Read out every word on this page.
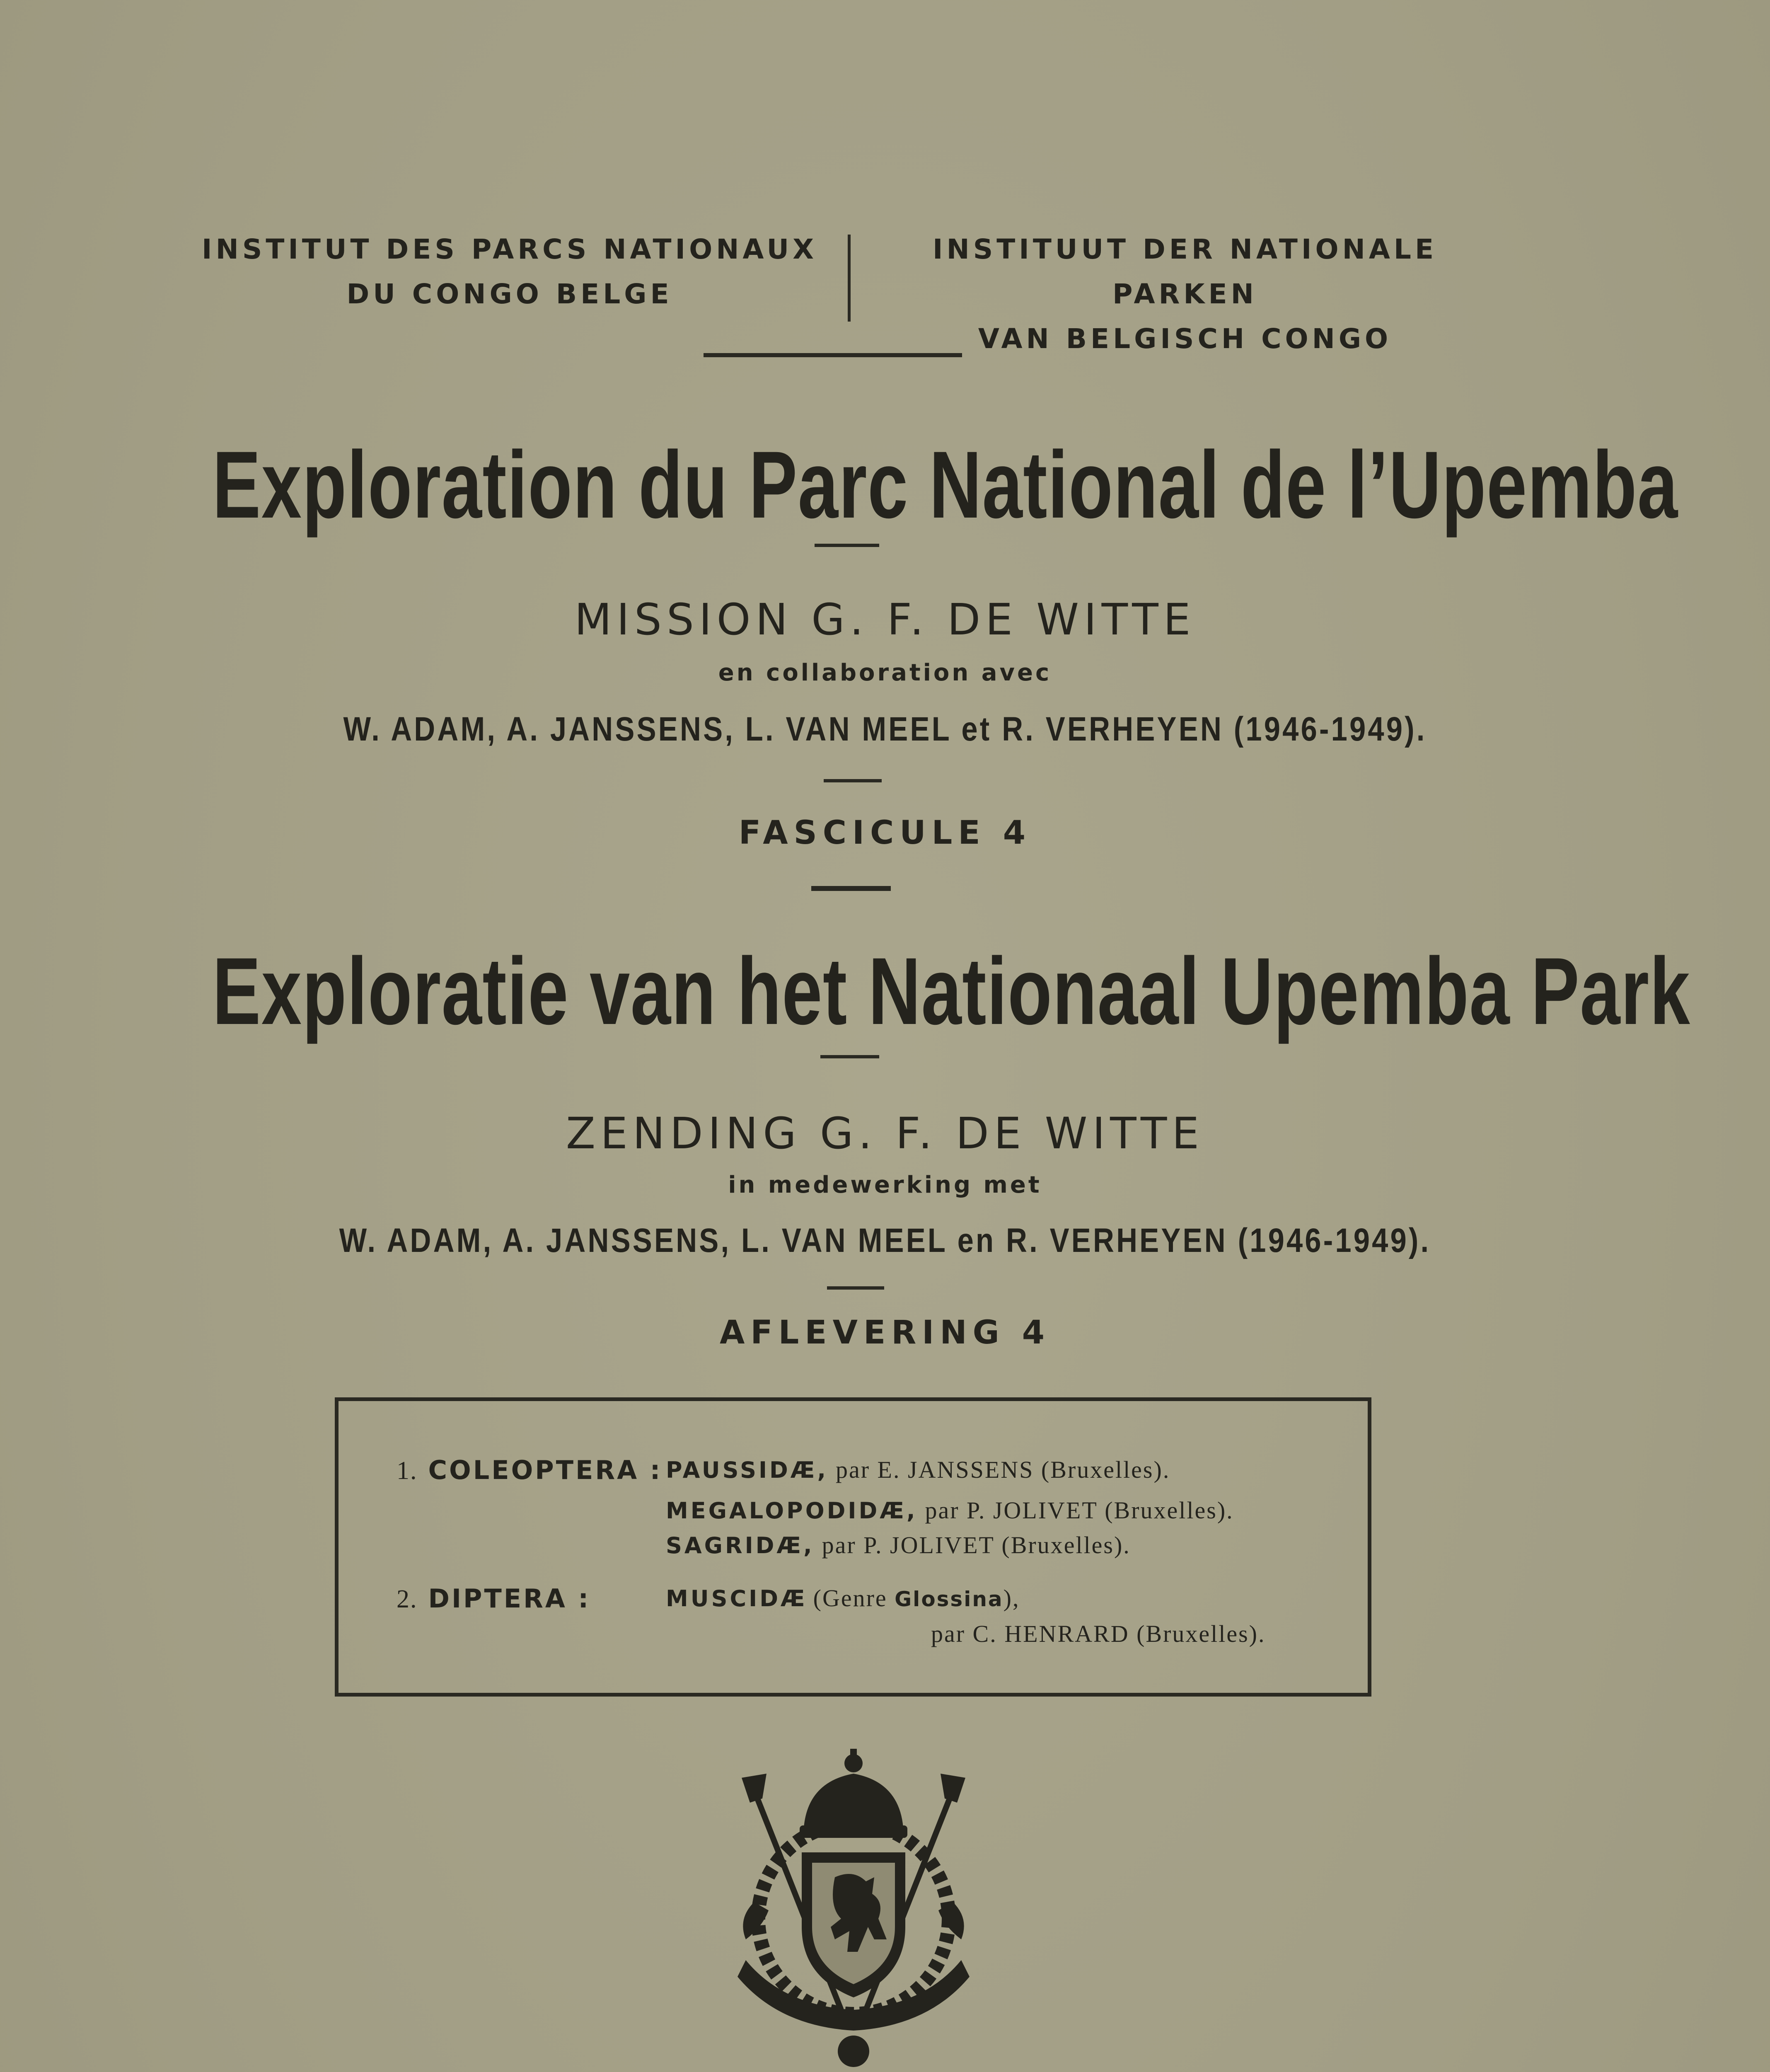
INSTITUT DES PARCS NATIONAUX
DU CONGO BELGE
INSTITUUT DER NATIONALE PARKEN
VAN BELGISCH CONGO
Exploration du Parc National de l’Upemba
MISSION G. F. DE WITTE
en collaboration avec
W. ADAM, A. JANSSENS, L. VAN MEEL et R. VERHEYEN (1946-1949).
FASCICULE 4
Exploratie van het Nationaal Upemba Park
ZENDING G. F. DE WITTE
in medewerking met
W. ADAM, A. JANSSENS, L. VAN MEEL en R. VERHEYEN (1946-1949).
AFLEVERING 4
1. COLEOPTERA : PAUSSIDÆ, par E. JANSSENS (Bruxelles).
MEGALOPODIDÆ, par P. JOLIVET (Bruxelles).
SAGRIDÆ, par P. JOLIVET (Bruxelles).
2. DIPTERA :	MUSCIDÆ (Genre Glossina),
par C. HENRARD (Bruxelles).
